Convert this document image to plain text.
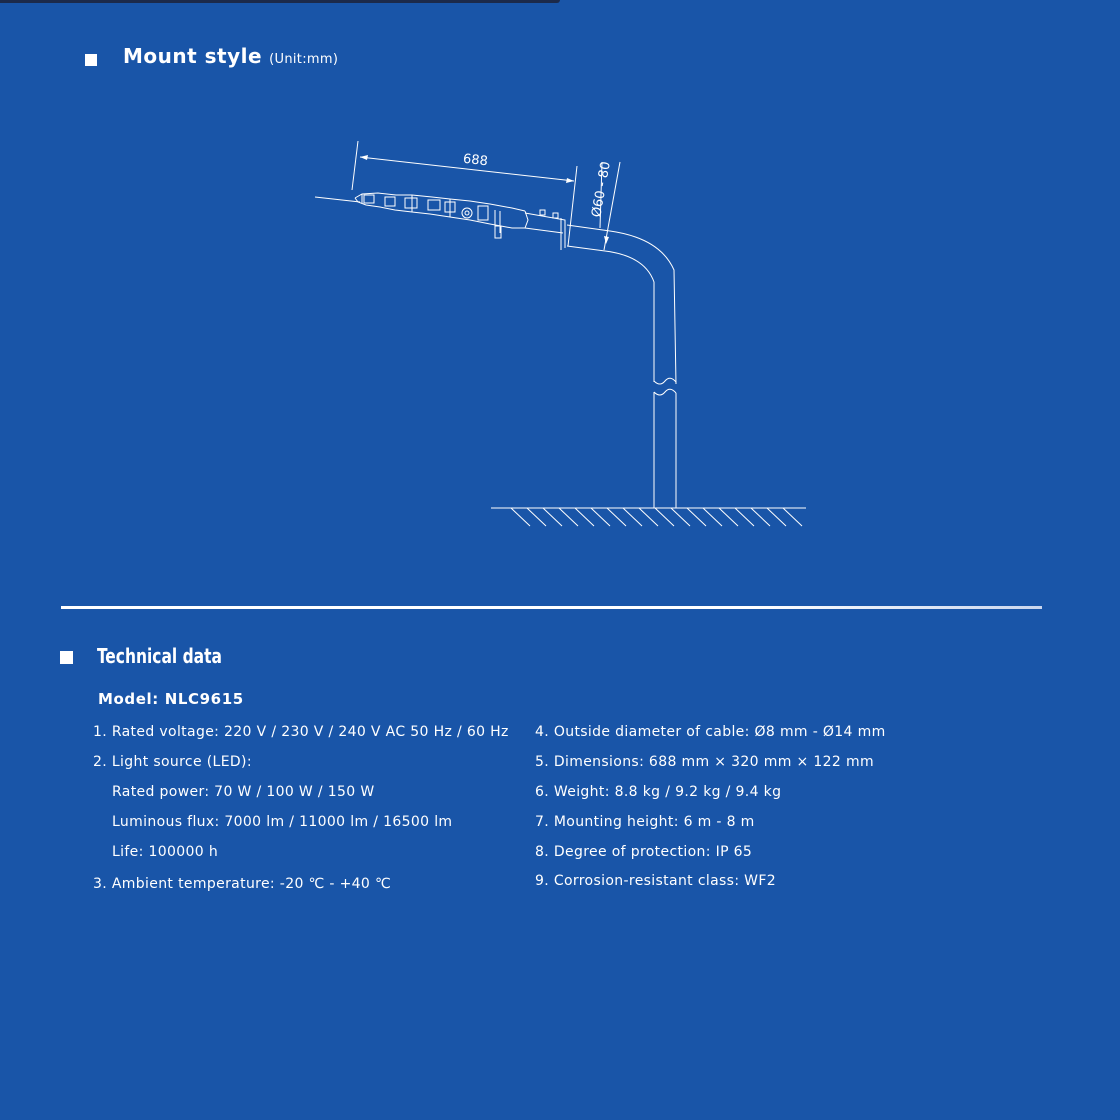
Mount style (Unit:mm)
688	Ø60 - 80
Technical data
Model: NLC9615
1. Rated voltage: 220 V / 230 V / 240 V AC 50 Hz / 60 Hz
2. Light source (LED):
Rated power: 70 W / 100 W / 150 W
Luminous flux: 7000 lm / 11000 lm / 16500 lm
Life: 100000 h
3. Ambient temperature: -20 ℃ - +40 ℃
4. Outside diameter of cable: Ø8 mm - Ø14 mm
5. Dimensions: 688 mm × 320 mm × 122 mm
6. Weight: 8.8 kg / 9.2 kg / 9.4 kg
7. Mounting height: 6 m - 8 m
8. Degree of protection: IP 65
9. Corrosion-resistant class: WF2
